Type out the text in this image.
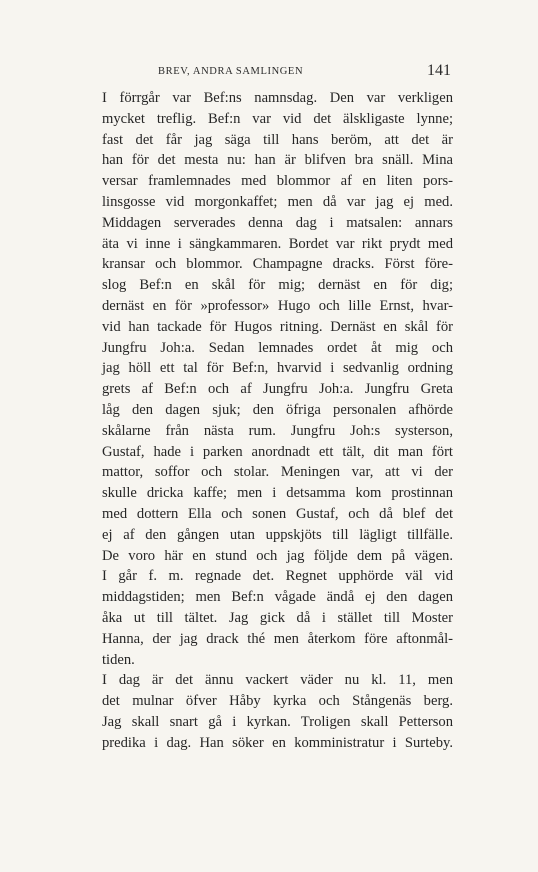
BREV, ANDRA SAMLINGEN	141
I förrgår var Bef:ns namnsdag. Den var verkligen
mycket treflig. Bef:n var vid det älskligaste lynne;
fast det får jag säga till hans beröm, att det är
han för det mesta nu: han är blifven bra snäll. Mina
versar framlemnades med blommor af en liten pors-
linsgosse vid morgonkaffet; men då var jag ej med.
Middagen serverades denna dag i matsalen: annars
äta vi inne i sängkammaren. Bordet var rikt prydt med
kransar och blommor. Champagne dracks. Först före-
slog Bef:n en skål för mig; dernäst en för dig;
dernäst en för »professor» Hugo och lille Ernst, hvar-
vid han tackade för Hugos ritning. Dernäst en skål för
Jungfru Joh:a. Sedan lemnades ordet åt mig och
jag höll ett tal för Bef:n, hvarvid i sedvanlig ordning
grets af Bef:n och af Jungfru Joh:a. Jungfru Greta
låg den dagen sjuk; den öfriga personalen afhörde
skålarne från nästa rum. Jungfru Joh:s systerson,
Gustaf, hade i parken anordnadt ett tält, dit man fört
mattor, soffor och stolar. Meningen var, att vi der
skulle dricka kaffe; men i detsamma kom prostinnan
med dottern Ella och sonen Gustaf, och då blef det
ej af den gången utan uppskjöts till lägligt tillfälle.
De voro här en stund och jag följde dem på vägen.
I går f. m. regnade det. Regnet upphörde väl vid
middagstiden; men Bef:n vågade ändå ej den dagen
åka ut till tältet. Jag gick då i stället till Moster
Hanna, der jag drack thé men återkom före aftonmål-
tiden.
I dag är det ännu vackert väder nu kl. 11, men
det mulnar öfver Håby kyrka och Stångenäs berg.
Jag skall snart gå i kyrkan. Troligen skall Petterson
predika i dag. Han söker en komministratur i Surteby.
